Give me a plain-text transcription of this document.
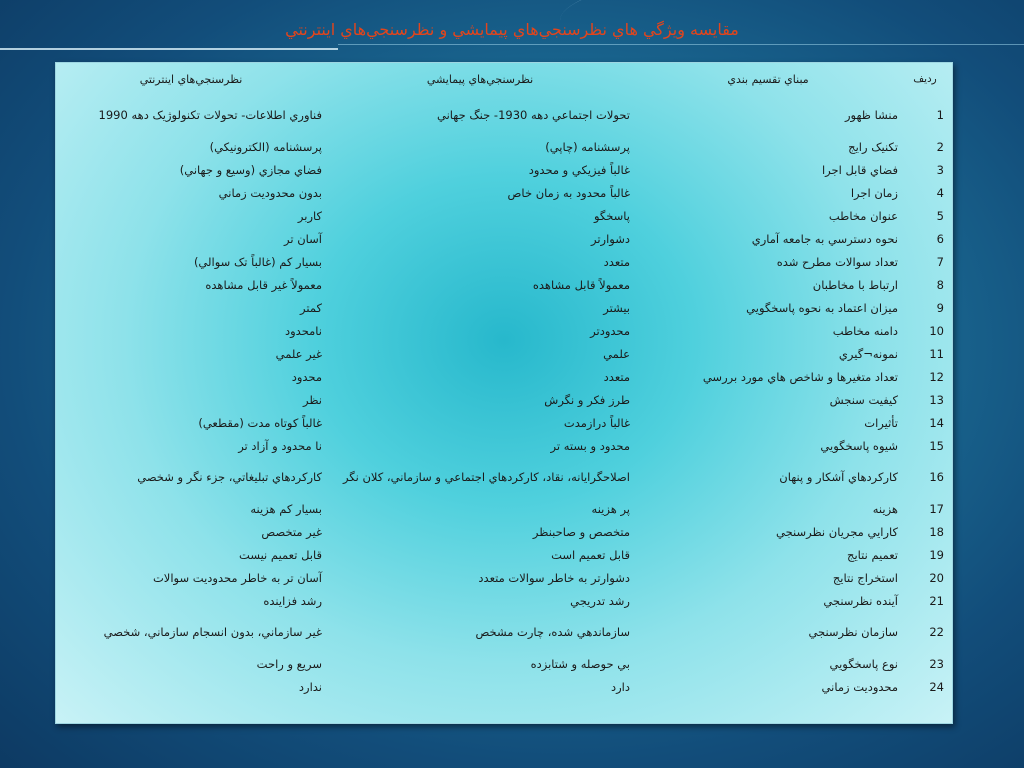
مقايسه ويژگي هاي نظرسنجي‌هاي پيمايشي و نظرسنجي‌هاي اينترنتي
رديف	مبناي تقسيم بندي	نظرسنجي‌هاي پيمايشي	نظرسنجي‌هاي اينترنتي
1	منشا ظهور	تحولات اجتماعي دهه 1930- جنگ جهاني	فناوري اطلاعات- تحولات تكنولوژيک دهه 1990
2	تكنيک رايج	پرسشنامه (چاپي)	پرسشنامه (الكترونيكي)
3	فضاي قابل اجرا	غالباً فيزيكي و محدود	فضاي مجازي (وسيع و جهاني)
4	زمان اجرا	غالباً محدود به زمان خاص	بدون محدوديت زماني
5	عنوان مخاطب	پاسخگو	كاربر
6	نحوه دسترسي به جامعه آماري	دشوارتر	آسان تر
7	تعداد سوالات مطرح شده	متعدد	بسيار كم (غالباً تک سوالي)
8	ارتباط با مخاطبان	معمولاً قابل مشاهده	معمولاً غير قابل مشاهده
9	ميزان اعتماد به نحوه پاسخگويي	بيشتر	كمتر
10	دامنه مخاطب	محدودتر	نامحدود
11	نمونه¬گيري	علمي	غير علمي
12	تعداد متغيرها و شاخص هاي مورد بررسي	متعدد	محدود
13	كيفيت سنجش	طرز فكر و نگرش	نظر
14	تأثيرات	غالباً درازمدت	غالباً كوتاه مدت (مقطعي)
15	شيوه پاسخگويي	محدود و بسته تر	نا محدود و آزاد تر
16	كاركردهاي آشكار و پنهان	اصلاحگرايانه، نقاد، كاركردهاي اجتماعي و سازماني، كلان نگر	كاركردهاي تبليغاتي، جزء نگر و شخصي
17	هزينه	پر هزينه	بسيار كم هزينه
18	كارايي مجريان نظرسنجي	متخصص و صاحبنظر	غير متخصص
19	تعميم نتايج	قابل تعميم است	قابل تعميم نيست
20	استخراج نتايج	دشوارتر به خاطر سوالات متعدد	آسان تر به خاطر محدوديت سوالات
21	آينده نظرسنجي	رشد تدريجي	رشد فزاينده
22	سازمان نظرسنجي	سازماندهي شده، چارت مشخص	غير سازماني، بدون انسجام سازماني، شخصي
23	نوع پاسخگويي	بي حوصله و شتابزده	سريع و راحت
24	محدوديت زماني	دارد	ندارد
